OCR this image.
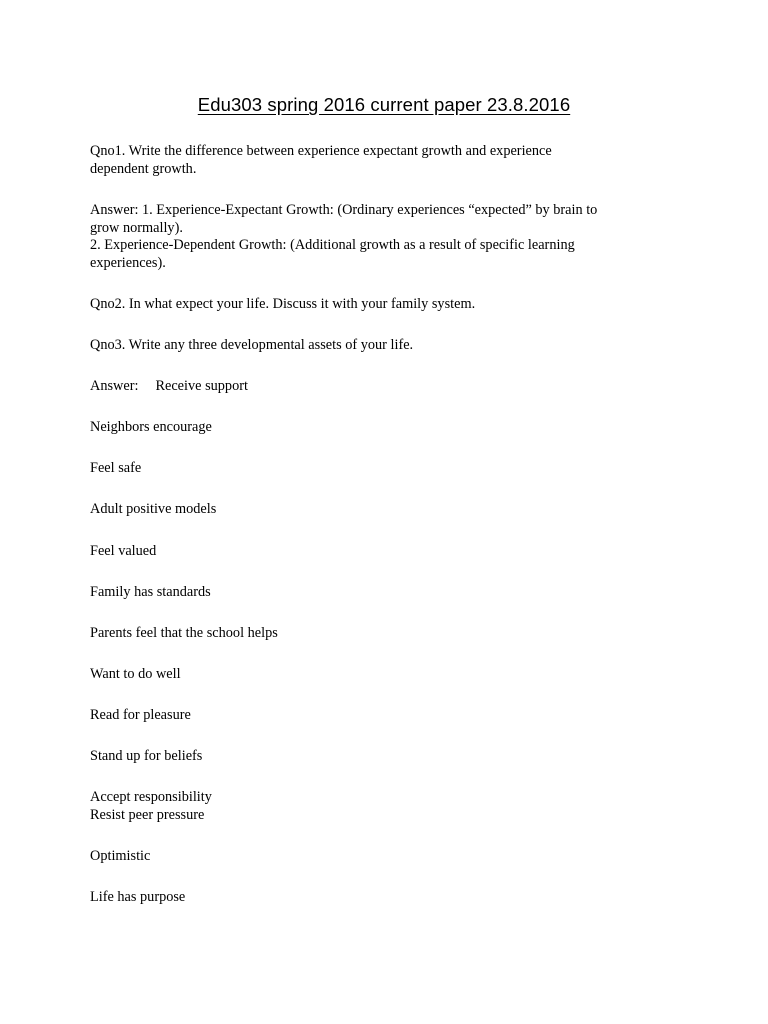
Edu303 spring 2016 current paper 23.8.2016

Qno1. Write the difference between experience expectant growth and experience
dependent growth.

Answer: 1. Experience-Expectant Growth: (Ordinary experiences “expected” by brain to
grow normally).
2. Experience-Dependent Growth: (Additional growth as a result of specific learning
experiences).

Qno2. In what expect your life. Discuss it with your family system.

Qno3. Write any three developmental assets of your life.

Answer: Receive support

Neighbors encourage

Feel safe

Adult positive models

Feel valued

Family has standards

Parents feel that the school helps

Want to do well

Read for pleasure

Stand up for beliefs

Accept responsibility
Resist peer pressure

Optimistic

Life has purpose
